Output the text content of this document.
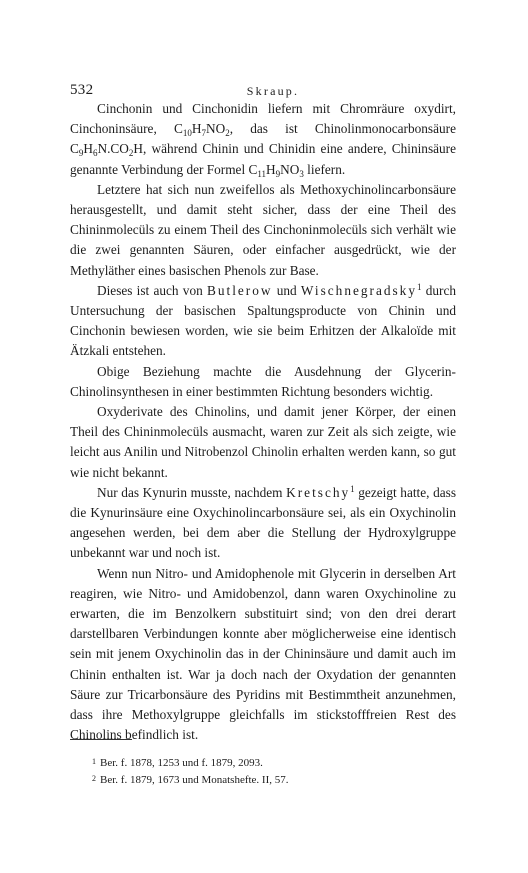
532	Skraup.

Cinchonin und Cinchonidin liefern mit Chromräure oxydirt, Cinchoninsäure, $C_{10}H_7NO_2$, das ist Chinolinmonocarbonsäure $C_9H_6N.CO_2H$, während Chinin und Chinidin eine andere, Chininsäure genannte Verbindung der Formel $C_{11}H_9NO_3$ liefern.

Letztere hat sich nun zweifellos als Methoxychinolincarbonsäure herausgestellt, und damit steht sicher, dass der eine Theil des Chininmolecüls zu einem Theil des Cinchoninmolecüls sich verhält wie die zwei genannten Säuren, oder einfacher ausgedrückt, wie der Methyläther eines basischen Phenols zur Base.

Dieses ist auch von Butlerow und Wischnegradsky$^1$ durch Untersuchung der basischen Spaltungsproducte von Chinin und Cinchonin bewiesen worden, wie sie beim Erhitzen der Alkaloïde mit Ätzkali entstehen.

Obige Beziehung machte die Ausdehnung der Glycerin-Chinolinsynthesen in einer bestimmten Richtung besonders wichtig.

Oxyderivate des Chinolins, und damit jener Körper, der einen Theil des Chininmolecüls ausmacht, waren zur Zeit als sich zeigte, wie leicht aus Anilin und Nitrobenzol Chinolin erhalten werden kann, so gut wie nicht bekannt.

Nur das Kynurin musste, nachdem Kretschy$^1$ gezeigt hatte, dass die Kynurinsäure eine Oxychinolincarbonsäure sei, als ein Oxychinolin angesehen werden, bei dem aber die Stellung der Hydroxylgruppe unbekannt war und noch ist.

Wenn nun Nitro- und Amidophenole mit Glycerin in derselben Art reagiren, wie Nitro- und Amidobenzol, dann waren Oxychinoline zu erwarten, die im Benzolkern substituirt sind; von den drei derart darstellbaren Verbindungen konnte aber möglicherweise eine identisch sein mit jenem Oxychinolin das in der Chininsäure und damit auch im Chinin enthalten ist. War ja doch nach der Oxydation der genannten Säure zur Tricarbonsäure des Pyridins mit Bestimmtheit anzunehmen, dass ihre Methoxylgruppe gleichfalls im stickstofffreien Rest des Chinolins befindlich ist.

1 Ber. f. 1878, 1253 und f. 1879, 2093.
2 Ber. f. 1879, 1673 und Monatshefte. II, 57.
